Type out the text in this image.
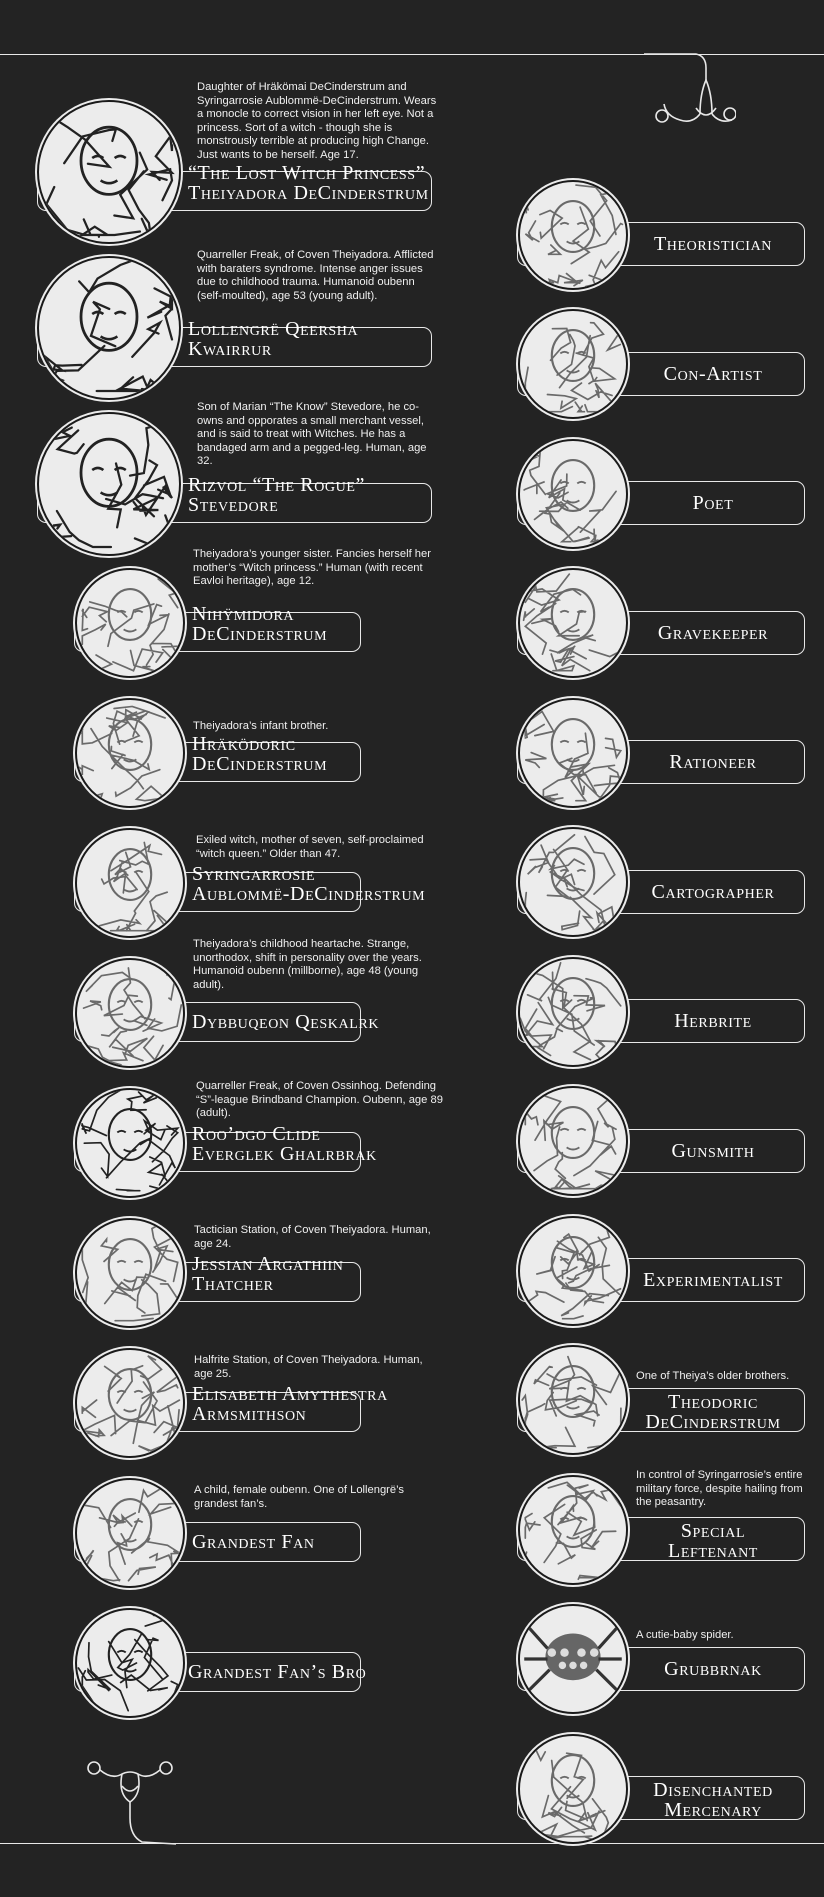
Daughter of Hräkömai DeCinderstrum and Syringarrosie Aublommë-DeCinderstrum. Wears a monocle to correct vision in her left eye. Not a princess. Sort of a witch - though she is monstrously terrible at producing high Change. Just wants to be herself. Age 17.
“The Lost Witch Princess”
Theiyadora DeCinderstrum
Quarreller Freak, of Coven Theiyadora. Afflicted with baraters syndrome. Intense anger issues due to childhood trauma. Humanoid oubenn (self-moulted), age 53 (young adult).
Lollengrë Qeersha
Kwairrur
Son of Marian “The Know” Stevedore, he co-owns and opporates a small merchant vessel, and is said to treat with Witches. He has a bandaged arm and a pegged-leg. Human, age 32.
Rizvol “The Rogue”
Stevedore
Theiyadora’s younger sister. Fancies herself her mother’s “Witch princess.” Human (with recent Eavloi heritage), age 12.
Nihÿmidora
DeCinderstrum
Theiyadora’s infant brother.
Hräködoric
DeCinderstrum
Exiled witch, mother of seven, self-proclaimed “witch queen.” Older than 47.
Syringarrosie
Aublommë-DeCinderstrum
Theiyadora’s childhood heartache. Strange, unorthodox, shift in personality over the years. Humanoid oubenn (millborne), age 48 (young adult).
Dybbuqeon Qeskalrk
Quarreller Freak, of Coven Ossinhog. Defending “S”-league Brindband Champion. Oubenn, age 89 (adult).
Roo’dgo Clide
Everglek Ghalrbrak
Tactician Station, of Coven Theiyadora. Human, age 24.
Jessian Argathiin
Thatcher
Halfrite Station, of Coven Theiyadora. Human, age 25.
Elisabeth Amythestra
Armsmithson
A child, female oubenn. One of Lollengrë’s grandest fan’s.
Grandest Fan
Grandest Fan’s Bro
Theoristician
Con-Artist
Poet
Gravekeeper
Rationeer
Cartographer
Herbrite
Gunsmith
Experimentalist
One of Theiya’s older brothers.
Theodoric
DeCinderstrum
In control of Syringarrosie’s entire military force, despite hailing from the peasantry.
Special
Leftenant
A cutie-baby spider.
Grubbrnak
Disenchanted
Mercenary
